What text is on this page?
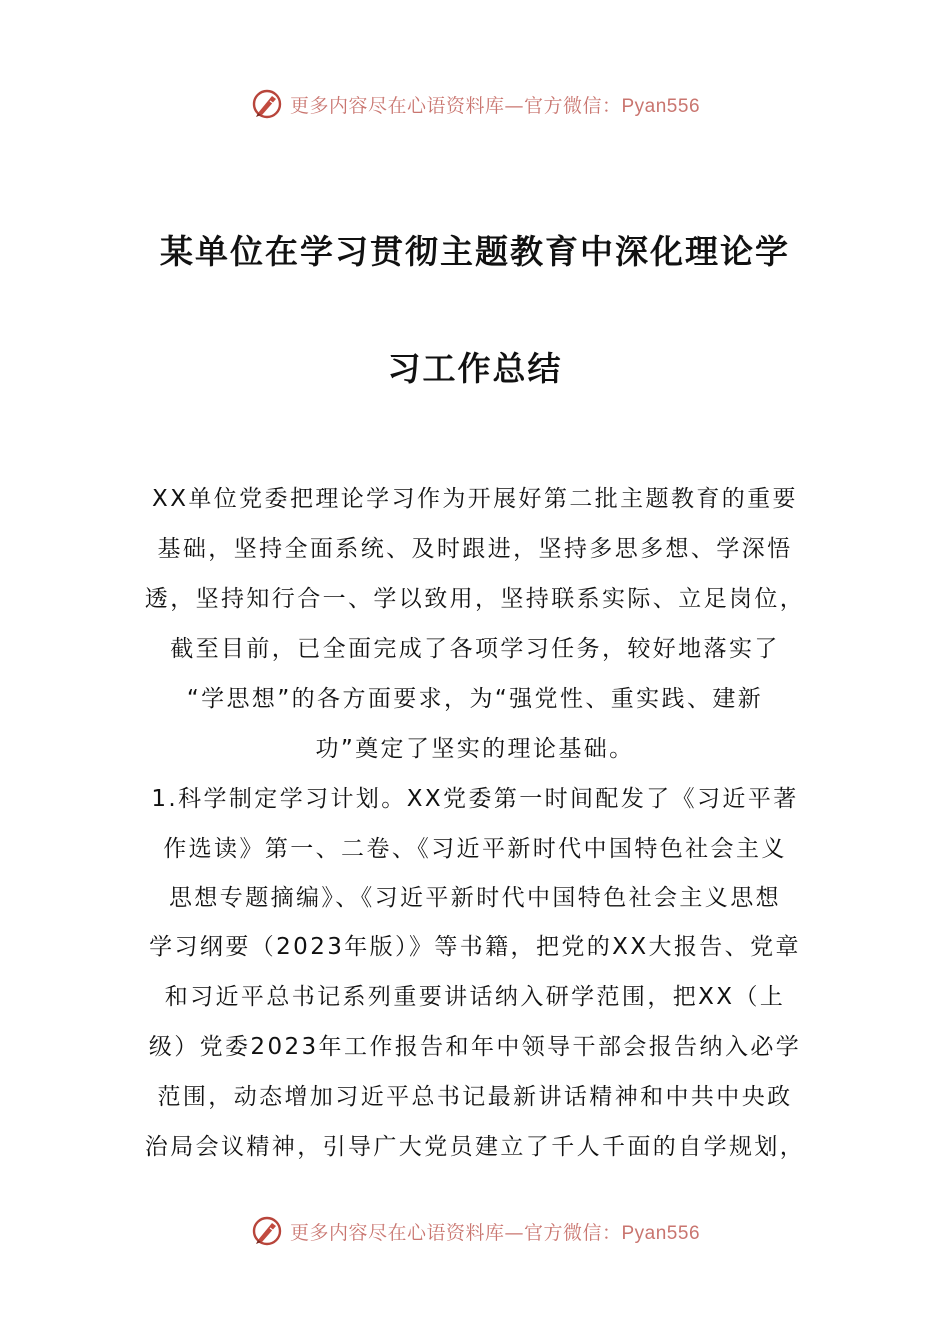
更多内容尽在心语资料库—官方微信：Pyan556
某单位在学习贯彻主题教育中深化理论学
习工作总结
XX单位党委把理论学习作为开展好第二批主题教育的重要
基础，坚持全面系统、及时跟进，坚持多思多想、学深悟
透，坚持知行合一、学以致用，坚持联系实际、立足岗位，
截至目前，已全面完成了各项学习任务，较好地落实了
“学思想”的各方面要求，为“强党性、重实践、建新
功”奠定了坚实的理论基础。
1.科学制定学习计划。XX党委第一时间配发了《习近平著
作选读》第一、二卷、《习近平新时代中国特色社会主义
思想专题摘编》、《习近平新时代中国特色社会主义思想
学习纲要（2023年版）》等书籍，把党的XX大报告、党章
和习近平总书记系列重要讲话纳入研学范围，把XX（上
级）党委2023年工作报告和年中领导干部会报告纳入必学
范围，动态增加习近平总书记最新讲话精神和中共中央政
治局会议精神，引导广大党员建立了千人千面的自学规划，
更多内容尽在心语资料库—官方微信：Pyan556
